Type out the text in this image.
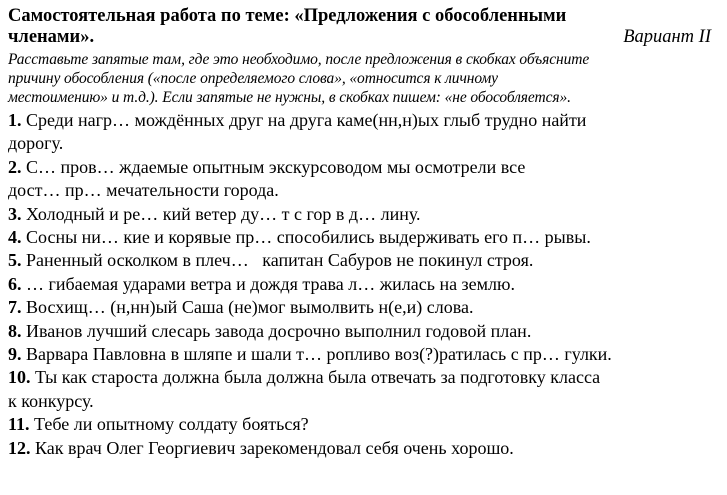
Самостоятельная работа по теме: «Предложения с обособленными
членами».	Вариант II
Расставьте запятые там, где это необходимо, после предложения в скобках объясните
причину обособления («после определяемого слова», «относится к личному
местоимению» и т.д.). Если запятые не нужны, в скобках пишем: «не обособляется».
1. Среди нагр… мождённых друг на друга каме(нн,н)ых глыб трудно найти
дорогу.
2. С… пров… ждаемые опытным экскурсоводом мы осмотрели все
дост… пр… мечательности города.
3. Холодный и ре… кий ветер ду… т с гор в д… лину.
4. Сосны ни… кие и корявые пр… способились выдерживать его п… рывы.
5. Раненный осколком в плеч…   капитан Сабуров не покинул строя.
6. … гибаемая ударами ветра и дождя трава л… жилась на землю.
7. Восхищ… (н,нн)ый Саша (не)мог вымолвить н(е,и) слова.
8. Иванов лучший слесарь завода досрочно выполнил годовой план.
9. Варвара Павловна в шляпе и шали т… ропливо воз(?)ратилась с пр… гулки.
10. Ты как староста должна была должна была отвечать за подготовку класса
к конкурсу.
11. Тебе ли опытному солдату бояться?
12. Как врач Олег Георгиевич зарекомендовал себя очень хорошо.
